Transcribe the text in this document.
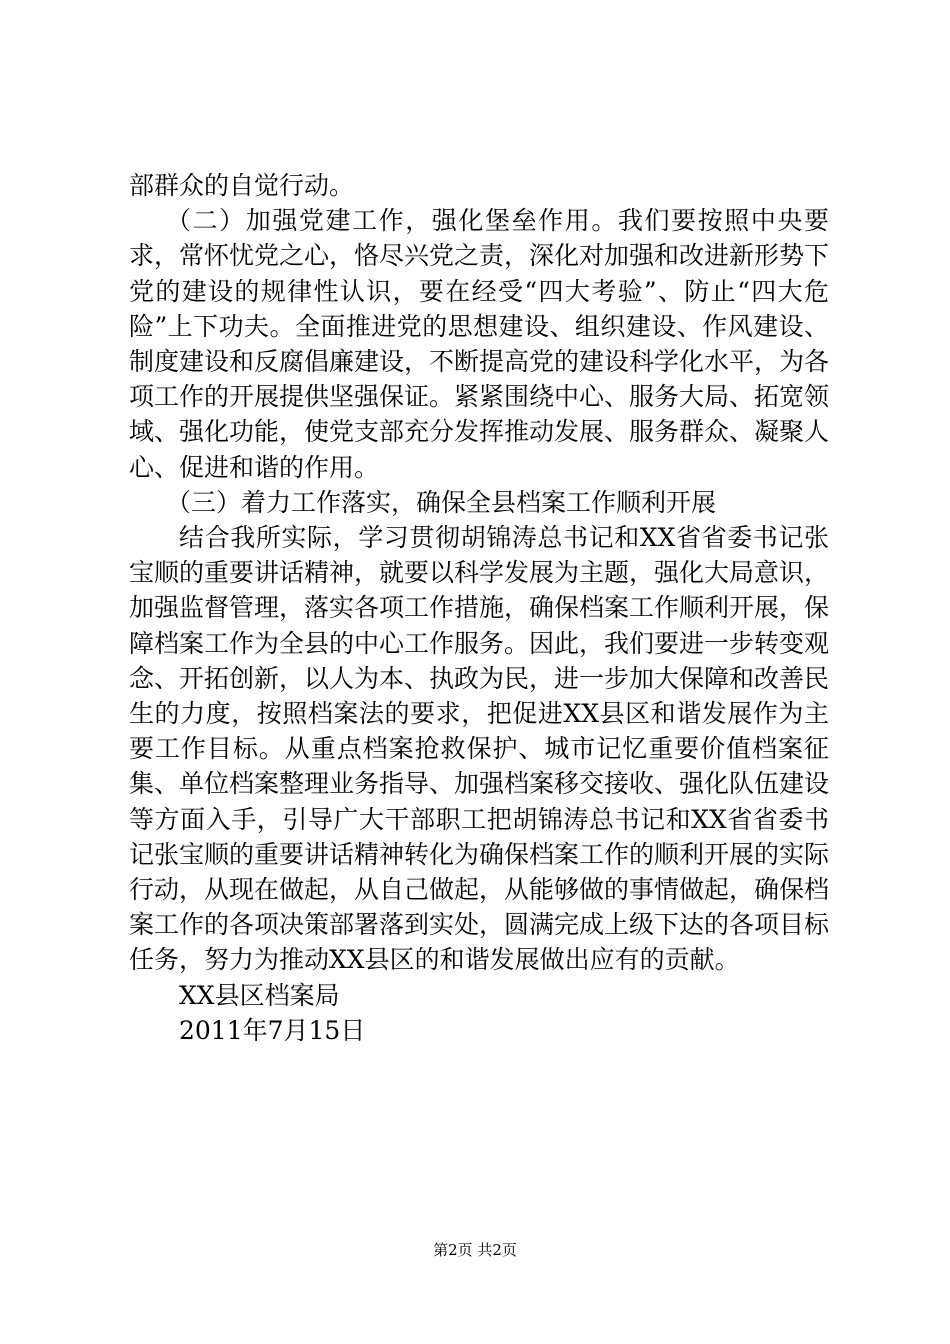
部群众的自觉行动。

（二）加强党建工作，强化堡垒作用。我们要按照中央要求，常怀忧党之心，恪尽兴党之责，深化对加强和改进新形势下党的建设的规律性认识，要在经受“四大考验”、防止“四大危险”上下功夫。全面推进党的思想建设、组织建设、作风建设、制度建设和反腐倡廉建设，不断提高党的建设科学化水平，为各项工作的开展提供坚强保证。紧紧围绕中心、服务大局、拓宽领域、强化功能，使党支部充分发挥推动发展、服务群众、凝聚人心、促进和谐的作用。

（三）着力工作落实，确保全县档案工作顺利开展

结合我所实际，学习贯彻胡锦涛总书记和XX省省委书记张宝顺的重要讲话精神，就要以科学发展为主题，强化大局意识，加强监督管理，落实各项工作措施，确保档案工作顺利开展，保障档案工作为全县的中心工作服务。因此，我们要进一步转变观念、开拓创新，以人为本、执政为民，进一步加大保障和改善民生的力度，按照档案法的要求，把促进XX县区和谐发展作为主要工作目标。从重点档案抢救保护、城市记忆重要价值档案征集、单位档案整理业务指导、加强档案移交接收、强化队伍建设等方面入手，引导广大干部职工把胡锦涛总书记和XX省省委书记张宝顺的重要讲话精神转化为确保档案工作的顺利开展的实际行动，从现在做起，从自己做起，从能够做的事情做起，确保档案工作的各项决策部署落到实处，圆满完成上级下达的各项目标任务，努力为推动XX县区的和谐发展做出应有的贡献。

XX县区档案局

2011年7月15日

第2页 共2页
